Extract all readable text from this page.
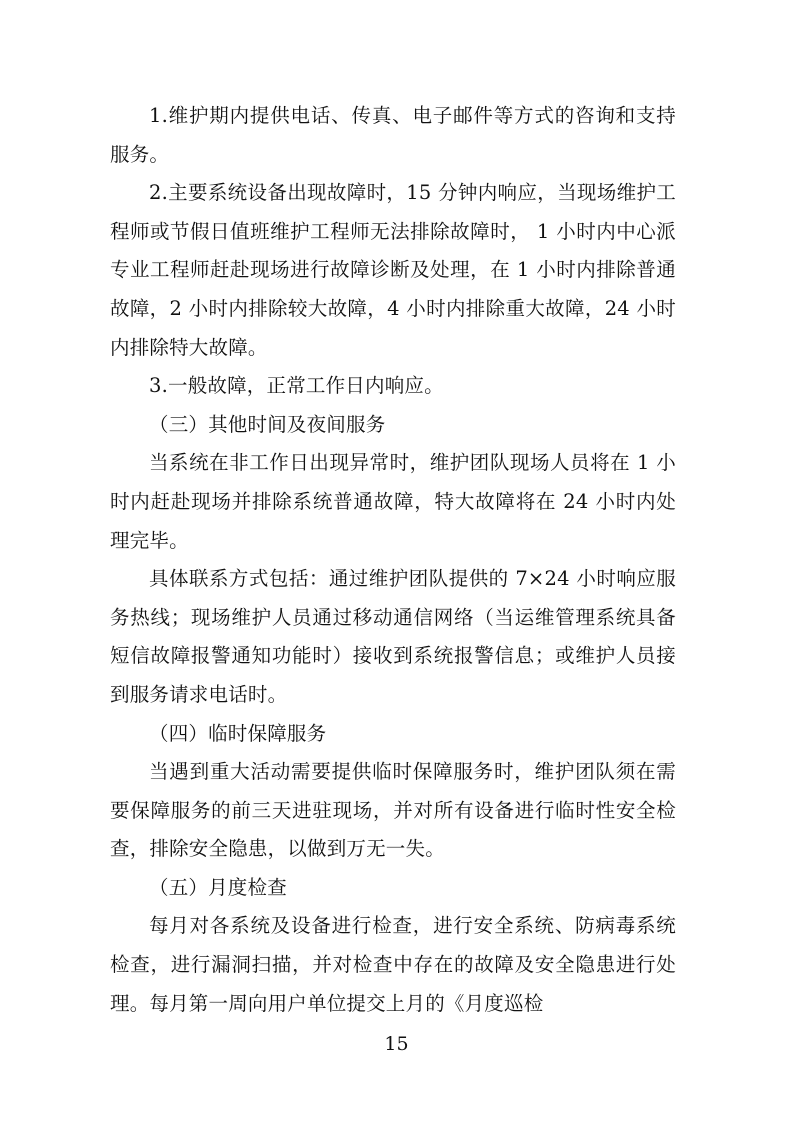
1.维护期内提供电话、传真、电子邮件等方式的咨询和支持服务。

2.主要系统设备出现故障时，15 分钟内响应，当现场维护工程师或节假日值班维护工程师无法排除故障时， 1 小时内中心派专业工程师赶赴现场进行故障诊断及处理，在 1 小时内排除普通故障，2 小时内排除较大故障，4 小时内排除重大故障，24 小时内排除特大故障。

3.一般故障，正常工作日内响应。

（三）其他时间及夜间服务

当系统在非工作日出现异常时，维护团队现场人员将在 1 小时内赶赴现场并排除系统普通故障，特大故障将在 24 小时内处理完毕。

具体联系方式包括：通过维护团队提供的 7×24 小时响应服务热线；现场维护人员通过移动通信网络（当运维管理系统具备短信故障报警通知功能时）接收到系统报警信息；或维护人员接到服务请求电话时。

（四）临时保障服务

当遇到重大活动需要提供临时保障服务时，维护团队须在需要保障服务的前三天进驻现场，并对所有设备进行临时性安全检查，排除安全隐患，以做到万无一失。

（五）月度检查

每月对各系统及设备进行检查，进行安全系统、防病毒系统检查，进行漏洞扫描，并对检查中存在的故障及安全隐患进行处理。每月第一周向用户单位提交上月的《月度巡检

15
